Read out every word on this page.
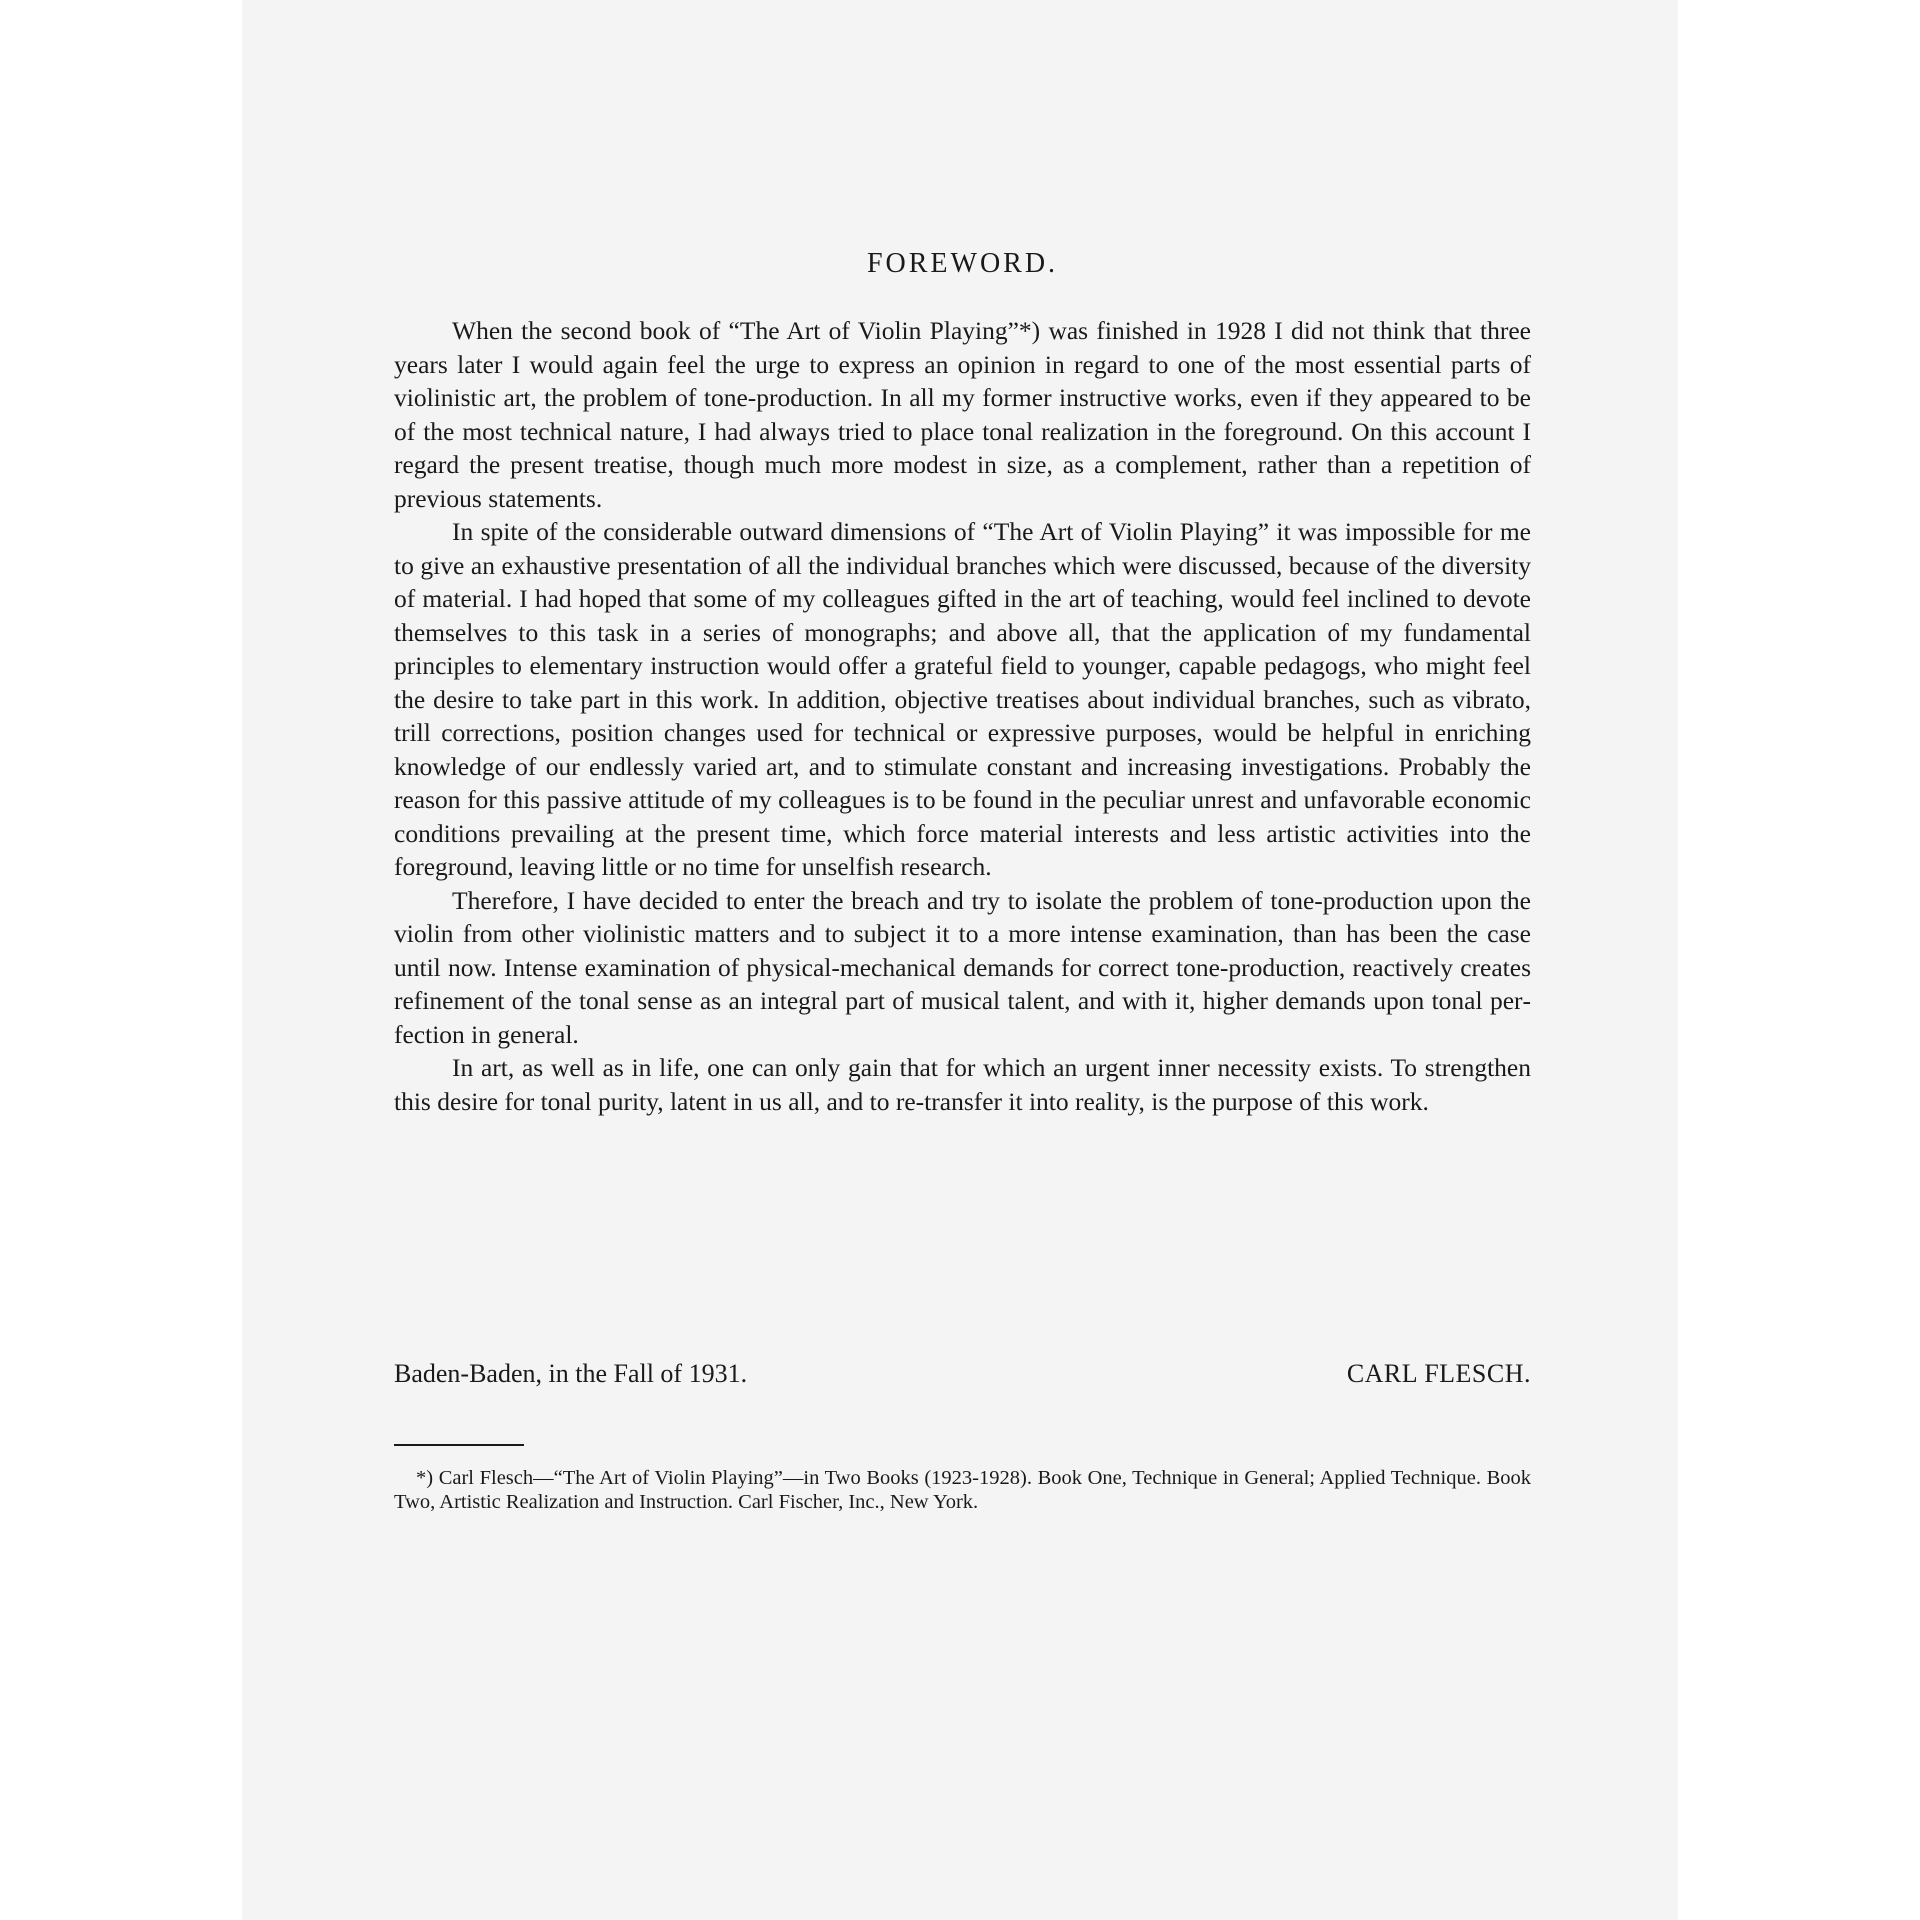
FOREWORD.

When the second book of “The Art of Violin Playing”*) was finished in 1928 I did not think that three years later I would again feel the urge to express an opinion in regard to one of the most essential parts of violinistic art, the problem of tone-production. In all my former instructive works, even if they appeared to be of the most technical nature, I had always tried to place tonal realization in the foreground. On this account I regard the present treatise, though much more modest in size, as a complement, rather than a repetition of previous statements.

In spite of the considerable outward dimensions of “The Art of Violin Playing” it was impossible for me to give an exhaustive presentation of all the individual branches which were discussed, because of the diversity of material. I had hoped that some of my colleagues gifted in the art of teaching, would feel inclined to devote themselves to this task in a series of monographs; and above all, that the application of my fundamental principles to elementary instruction would offer a grateful field to younger, capable pedagogs, who might feel the desire to take part in this work. In addition, objective treatises about individual branches, such as vibrato, trill corrections, position changes used for technical or expressive purposes, would be helpful in enriching knowledge of our endlessly varied art, and to stimulate constant and increasing investigations. Probably the reason for this passive attitude of my colleagues is to be found in the peculiar unrest and unfavorable economic conditions prevailing at the present time, which force material interests and less artistic activities into the foreground, leaving little or no time for unselfish research.

Therefore, I have decided to enter the breach and try to isolate the problem of tone-production upon the violin from other violinistic matters and to subject it to a more intense examination, than has been the case until now. Intense examination of physical-mechanical demands for correct tone-production, reactively creates refinement of the tonal sense as an integral part of musical talent, and with it, higher demands upon tonal perfection in general.

In art, as well as in life, one can only gain that for which an urgent inner necessity exists. To strengthen this desire for tonal purity, latent in us all, and to re-transfer it into reality, is the purpose of this work.

Baden-Baden, in the Fall of 1931.	CARL FLESCH.

*) Carl Flesch—“The Art of Violin Playing”—in Two Books (1923-1928). Book One, Technique in General; Applied Technique. Book Two, Artistic Realization and Instruction. Carl Fischer, Inc., New York.
